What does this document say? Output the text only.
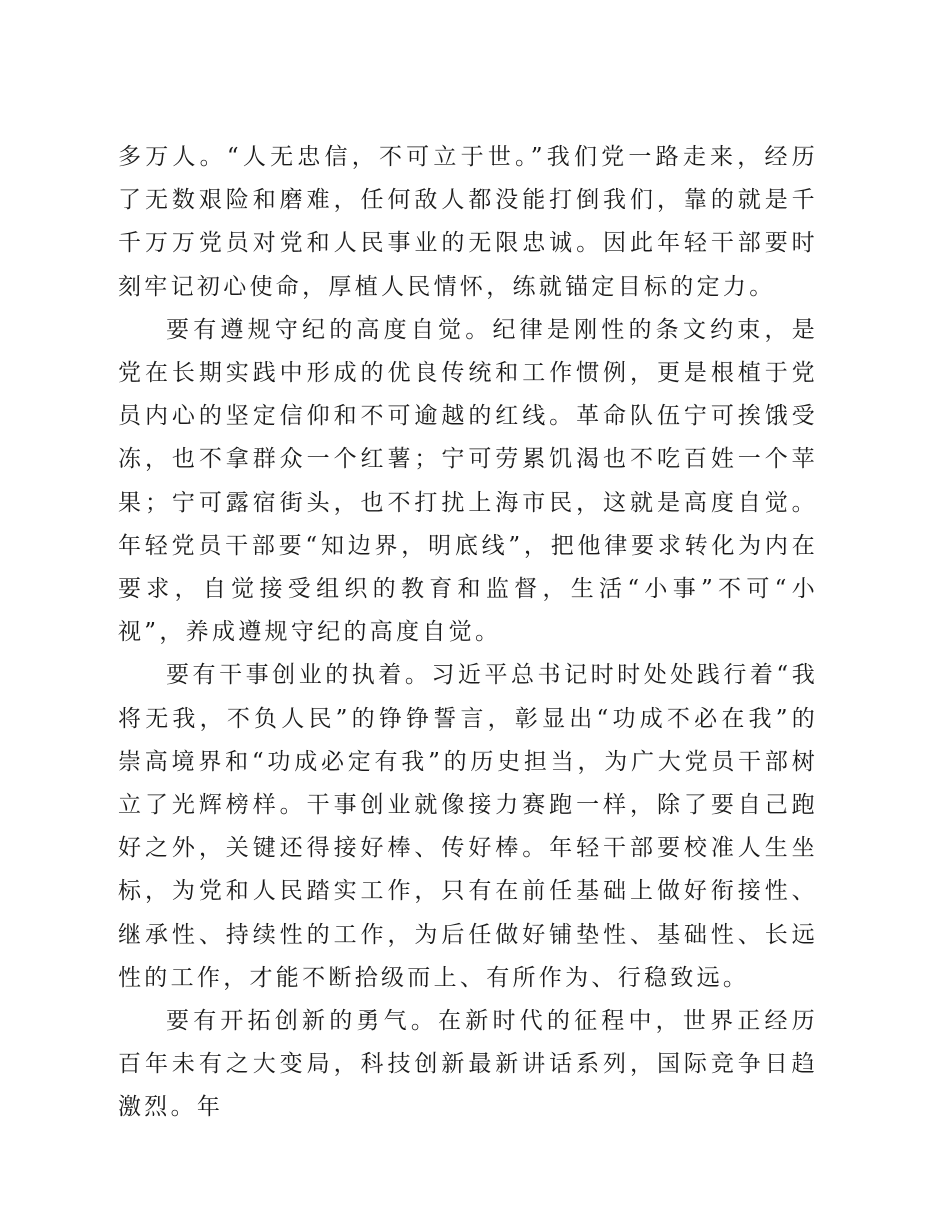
多万人。“人无忠信，不可立于世。”我们党一路走来，经历了无数艰险和磨难，任何敌人都没能打倒我们，靠的就是千千万万党员对党和人民事业的无限忠诚。因此年轻干部要时刻牢记初心使命，厚植人民情怀，练就锚定目标的定力。

要有遵规守纪的高度自觉。纪律是刚性的条文约束，是党在长期实践中形成的优良传统和工作惯例，更是根植于党员内心的坚定信仰和不可逾越的红线。革命队伍宁可挨饿受冻，也不拿群众一个红薯；宁可劳累饥渴也不吃百姓一个苹果；宁可露宿街头，也不打扰上海市民，这就是高度自觉。年轻党员干部要“知边界，明底线”，把他律要求转化为内在要求，自觉接受组织的教育和监督，生活“小事”不可“小视”，养成遵规守纪的高度自觉。

要有干事创业的执着。习近平总书记时时处处践行着“我将无我，不负人民”的铮铮誓言，彰显出“功成不必在我”的崇高境界和“功成必定有我”的历史担当，为广大党员干部树立了光辉榜样。干事创业就像接力赛跑一样，除了要自己跑好之外，关键还得接好棒、传好棒。年轻干部要校准人生坐标，为党和人民踏实工作，只有在前任基础上做好衔接性、继承性、持续性的工作，为后任做好铺垫性、基础性、长远性的工作，才能不断拾级而上、有所作为、行稳致远。

要有开拓创新的勇气。在新时代的征程中，世界正经历百年未有之大变局，科技创新最新讲话系列，国际竞争日趋激烈。年
